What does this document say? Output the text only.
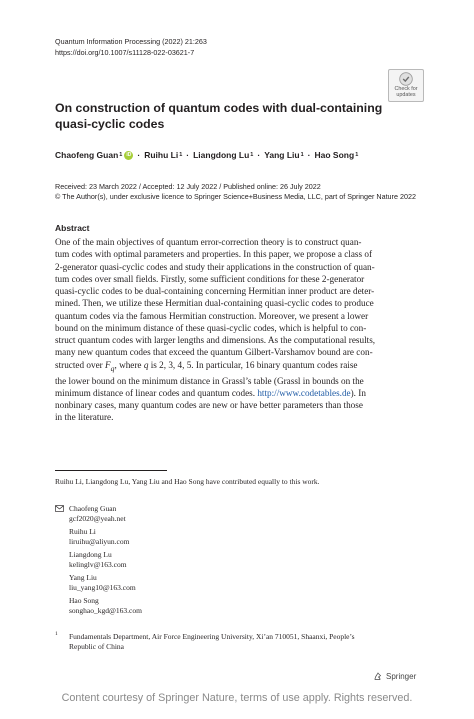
Quantum Information Processing (2022) 21:263
https://doi.org/10.1007/s11128-022-03621-7
Check for
updates
On construction of quantum codes with dual-containing
quasi-cyclic codes
Chaofeng Guan 1 iD · Ruihu Li 1 · Liangdong Lu 1 · Yang Liu 1 · Hao Song 1
Received: 23 March 2022 / Accepted: 12 July 2022 / Published online: 26 July 2022
© The Author(s), under exclusive licence to Springer Science+Business Media, LLC, part of Springer Nature 2022
Abstract
One of the main objectives of quantum error-correction theory is to construct quan-
tum codes with optimal parameters and properties. In this paper, we propose a class of
2-generator quasi-cyclic codes and study their applications in the construction of quan-
tum codes over small fields. Firstly, some sufficient conditions for these 2-generator
quasi-cyclic codes to be dual-containing concerning Hermitian inner product are deter-
mined. Then, we utilize these Hermitian dual-containing quasi-cyclic codes to produce
quantum codes via the famous Hermitian construction. Moreover, we present a lower
bound on the minimum distance of these quasi-cyclic codes, which is helpful to con-
struct quantum codes with larger lengths and dimensions. As the computational results,
many new quantum codes that exceed the quantum Gilbert-Varshamov bound are con-
structed over $F_q$, where q is 2, 3, 4, 5. In particular, 16 binary quantum codes raise
the lower bound on the minimum distance in Grassl’s table (Grassl in bounds on the
minimum distance of linear codes and quantum codes. http://www.codetables.de). In
nonbinary cases, many quantum codes are new or have better parameters than those
in the literature.
Ruihu Li, Liangdong Lu, Yang Liu and Hao Song have contributed equally to this work.
Chaofeng Guan
gcf2020@yeah.net
Ruihu Li
liruihu@aliyun.com
Liangdong Lu
kelinglv@163.com
Yang Liu
liu_yang10@163.com
Hao Song
songhao_kgd@163.com
1 Fundamentals Department, Air Force Engineering University, Xi’an 710051, Shaanxi, People’s
Republic of China
Springer
Content courtesy of Springer Nature, terms of use apply. Rights reserved.
